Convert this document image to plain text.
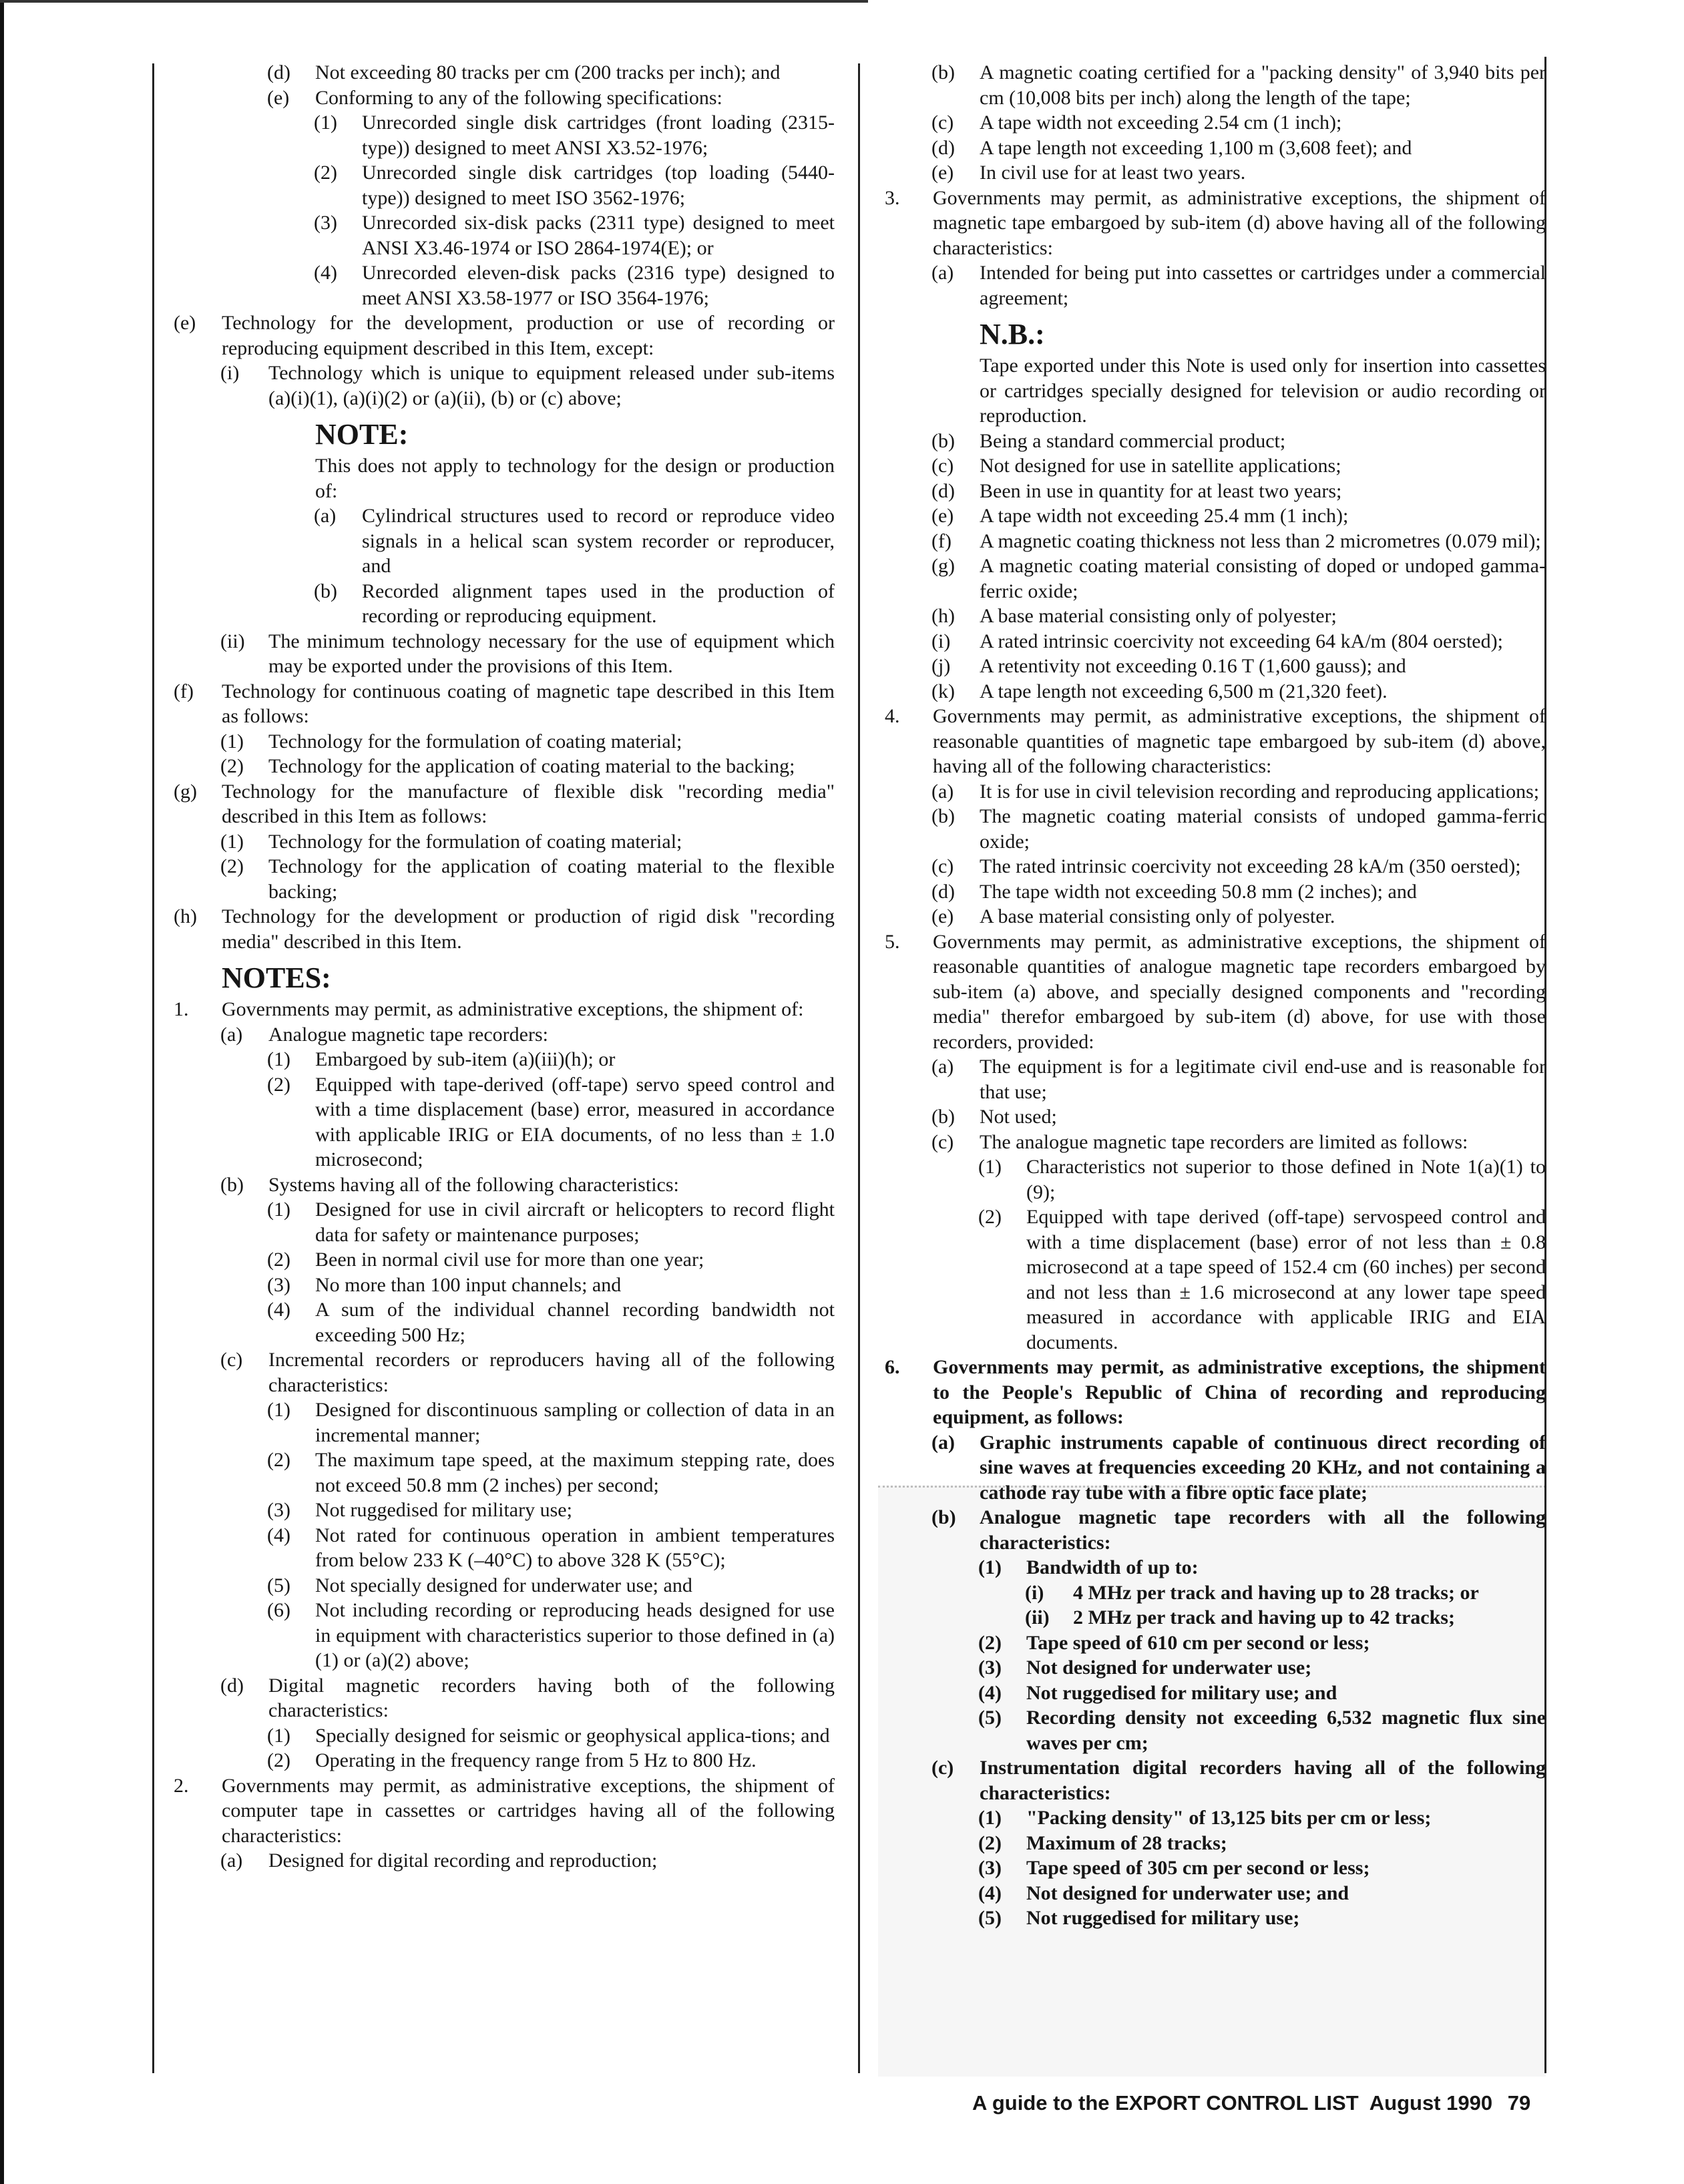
(d) Not exceeding 80 tracks per cm (200 tracks per inch); and
(e) Conforming to any of the following specifications:
(1) Unrecorded single disk cartridges (front loading (2315-type)) designed to meet ANSI X3.52-1976;
(2) Unrecorded single disk cartridges (top loading (5440-type)) designed to meet ISO 3562-1976;
(3) Unrecorded six-disk packs (2311 type) designed to meet ANSI X3.46-1974 or ISO 2864-1974(E); or
(4) Unrecorded eleven-disk packs (2316 type) designed to meet ANSI X3.58-1977 or ISO 3564-1976;
(e) Technology for the development, production or use of recording or reproducing equipment described in this Item, except:
(i) Technology which is unique to equipment released under sub-items (a)(i)(1), (a)(i)(2) or (a)(ii), (b) or (c) above;
NOTE:
This does not apply to technology for the design or production of:
(a) Cylindrical structures used to record or reproduce video signals in a helical scan system recorder or reproducer, and
(b) Recorded alignment tapes used in the production of recording or reproducing equipment.
(ii) The minimum technology necessary for the use of equipment which may be exported under the provisions of this Item.
(f) Technology for continuous coating of magnetic tape described in this Item as follows:
(1) Technology for the formulation of coating material;
(2) Technology for the application of coating material to the backing;
(g) Technology for the manufacture of flexible disk "recording media" described in this Item as follows:
(1) Technology for the formulation of coating material;
(2) Technology for the application of coating material to the flexible backing;
(h) Technology for the development or production of rigid disk "recording media" described in this Item.
NOTES:
1. Governments may permit, as administrative exceptions, the shipment of:
(a) Analogue magnetic tape recorders:
(1) Embargoed by sub-item (a)(iii)(h); or
(2) Equipped with tape-derived (off-tape) servo speed control and with a time displacement (base) error, measured in accordance with applicable IRIG or EIA documents, of no less than ± 1.0 microsecond;
(b) Systems having all of the following characteristics:
(1) Designed for use in civil aircraft or helicopters to record flight data for safety or maintenance purposes;
(2) Been in normal civil use for more than one year;
(3) No more than 100 input channels; and
(4) A sum of the individual channel recording bandwidth not exceeding 500 Hz;
(c) Incremental recorders or reproducers having all of the following characteristics:
(1) Designed for discontinuous sampling or collection of data in an incremental manner;
(2) The maximum tape speed, at the maximum stepping rate, does not exceed 50.8 mm (2 inches) per second;
(3) Not ruggedised for military use;
(4) Not rated for continuous operation in ambient temperatures from below 233 K (–40°C) to above 328 K (55°C);
(5) Not specially designed for underwater use; and
(6) Not including recording or reproducing heads designed for use in equipment with characteristics superior to those defined in (a)(1) or (a)(2) above;
(d) Digital magnetic recorders having both of the following characteristics:
(1) Specially designed for seismic or geophysical applica-tions; and
(2) Operating in the frequency range from 5 Hz to 800 Hz.
2. Governments may permit, as administrative exceptions, the shipment of computer tape in cassettes or cartridges having all of the following characteristics:
(a) Designed for digital recording and reproduction;
(b) A magnetic coating certified for a "packing density" of 3,940 bits per cm (10,008 bits per inch) along the length of the tape;
(c) A tape width not exceeding 2.54 cm (1 inch);
(d) A tape length not exceeding 1,100 m (3,608 feet); and
(e) In civil use for at least two years.
3. Governments may permit, as administrative exceptions, the shipment of magnetic tape embargoed by sub-item (d) above having all of the following characteristics:
(a) Intended for being put into cassettes or cartridges under a commercial agreement;
N.B.:
Tape exported under this Note is used only for insertion into cassettes or cartridges specially designed for television or audio recording or reproduction.
(b) Being a standard commercial product;
(c) Not designed for use in satellite applications;
(d) Been in use in quantity for at least two years;
(e) A tape width not exceeding 25.4 mm (1 inch);
(f) A magnetic coating thickness not less than 2 micrometres (0.079 mil);
(g) A magnetic coating material consisting of doped or undoped gamma-ferric oxide;
(h) A base material consisting only of polyester;
(i) A rated intrinsic coercivity not exceeding 64 kA/m (804 oersted);
(j) A retentivity not exceeding 0.16 T (1,600 gauss); and
(k) A tape length not exceeding 6,500 m (21,320 feet).
4. Governments may permit, as administrative exceptions, the shipment of reasonable quantities of magnetic tape embargoed by sub-item (d) above, having all of the following characteristics:
(a) It is for use in civil television recording and reproducing applications;
(b) The magnetic coating material consists of undoped gamma-ferric oxide;
(c) The rated intrinsic coercivity not exceeding 28 kA/m (350 oersted);
(d) The tape width not exceeding 50.8 mm (2 inches); and
(e) A base material consisting only of polyester.
5. Governments may permit, as administrative exceptions, the shipment of reasonable quantities of analogue magnetic tape recorders embargoed by sub-item (a) above, and specially designed components and "recording media" therefor embargoed by sub-item (d) above, for use with those recorders, provided:
(a) The equipment is for a legitimate civil end-use and is reasonable for that use;
(b) Not used;
(c) The analogue magnetic tape recorders are limited as follows:
(1) Characteristics not superior to those defined in Note 1(a)(1) to (9);
(2) Equipped with tape derived (off-tape) servospeed control and with a time displacement (base) error of not less than ± 0.8 microsecond at a tape speed of 152.4 cm (60 inches) per second and not less than ± 1.6 microsecond at any lower tape speed measured in accordance with applicable IRIG and EIA documents.
6. Governments may permit, as administrative exceptions, the shipment to the People's Republic of China of recording and reproducing equipment, as follows:
(a) Graphic instruments capable of continuous direct recording of sine waves at frequencies exceeding 20 KHz, and not containing a cathode ray tube with a fibre optic face plate;
(b) Analogue magnetic tape recorders with all the following characteristics:
(1) Bandwidth of up to:
(i) 4 MHz per track and having up to 28 tracks; or
(ii) 2 MHz per track and having up to 42 tracks;
(2) Tape speed of 610 cm per second or less;
(3) Not designed for underwater use;
(4) Not ruggedised for military use; and
(5) Recording density not exceeding 6,532 magnetic flux sine waves per cm;
(c) Instrumentation digital recorders having all of the following characteristics:
(1) "Packing density" of 13,125 bits per cm or less;
(2) Maximum of 28 tracks;
(3) Tape speed of 305 cm per second or less;
(4) Not designed for underwater use; and
(5) Not ruggedised for military use;
A guide to the EXPORT CONTROL LIST August 1990 79
